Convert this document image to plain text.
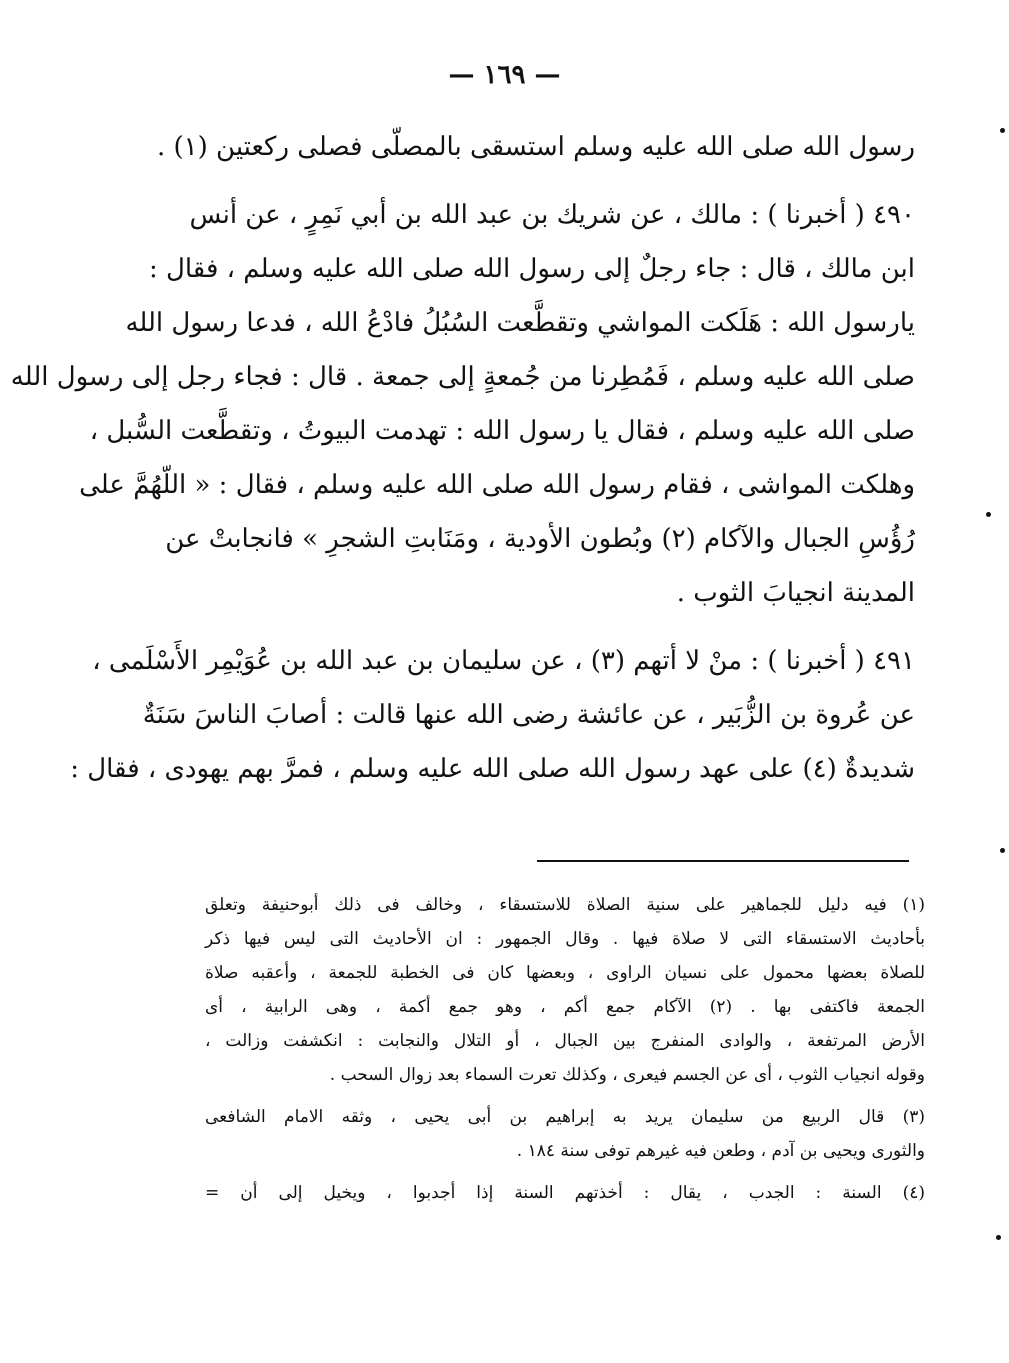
— ١٦٩ —
رسول الله صلى الله عليه وسلم استسقى بالمصلّى فصلى ركعتين (١) .
٤٩٠ ( أخبرنا ) : مالك ، عن شريك بن عبد الله بن أبي نَمِرٍ ، عن أنس
ابن مالك ، قال : جاء رجلٌ إلى رسول الله صلى الله عليه وسلم ، فقال :
يارسول الله : هَلَكت المواشي وتقطَّعت السُبُلُ فادْعُ الله ، فدعا رسول الله
صلى الله عليه وسلم ، فَمُطِرنا من جُمعةٍ إلى جمعة . قال : فجاء رجل إلى رسول الله
صلى الله عليه وسلم ، فقال يا رسول الله : تهدمت البيوتُ ، وتقطَّعت السُّبل ،
وهلكت المواشى ، فقام رسول الله صلى الله عليه وسلم ، فقال : « اللّهُمَّ على
رُؤُسِ الجبال والآكام (٢) وبُطون الأودية ، ومَنَابتِ الشجرِ » فانجابتْ عن
المدينة انجيابَ الثوب .
٤٩١ ( أخبرنا ) : منْ لا أتهم (٣) ، عن سليمان بن عبد الله بن عُوَيْمِر الأَسْلَمى ،
عن عُروة بن الزُّبَير ، عن عائشة رضى الله عنها قالت : أصابَ الناسَ سَنَةٌ
شديدةٌ (٤) على عهد رسول الله صلى الله عليه وسلم ، فمرَّ بهم يهودى ، فقال :
(١) فيه دليل للجماهير على سنية الصلاة للاستسقاء ، وخالف فى ذلك أبوحنيفة وتعلق
بأحاديث الاستسقاء التى لا صلاة فيها . وقال الجمهور : ان الأحاديث التى ليس فيها ذكر
للصلاة بعضها محمول على نسيان الراوى ، وبعضها كان فى الخطبة للجمعة ، وأعقبه صلاة
الجمعة فاكتفى بها . (٢) الآكام جمع أكم ، وهو جمع أكمة ، وهى الرابية ، أى
الأرض المرتفعة ، والوادى المنفرج بين الجبال ، أو التلال والنجابت : انكشفت وزالت ،
وقوله انجياب الثوب ، أى عن الجسم فيعرى ، وكذلك تعرت السماء بعد زوال السحب .
(٣) قال الربيع من سليمان يريد به إبراهيم بن أبى يحيى ، وثقه الامام الشافعى
والثورى ويحيى بن آدم ، وطعن فيه غيرهم توفى سنة ١٨٤ .
(٤) السنة : الجدب ، يقال : أخذتهم السنة إذا أجدبوا ، ويخيل إلى أن =
